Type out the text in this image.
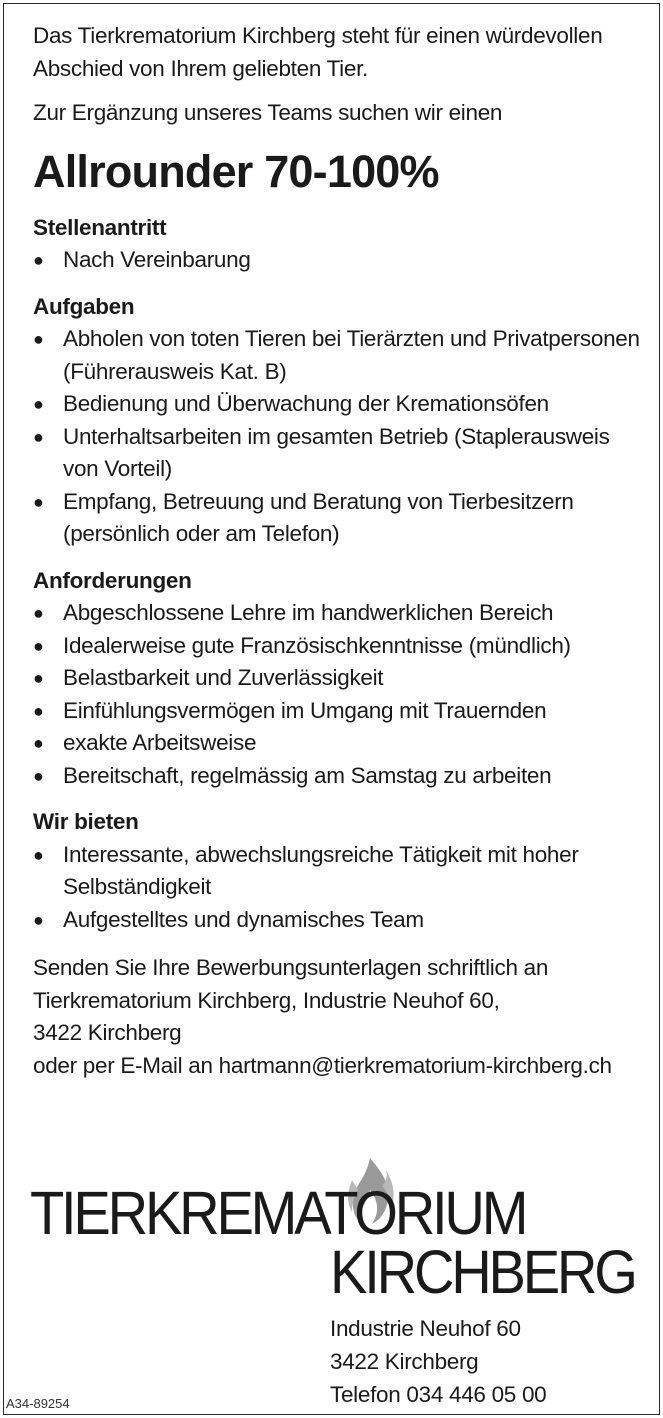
Das Tierkrematorium Kirchberg steht für einen würdevollen Abschied von Ihrem geliebten Tier.

Zur Ergänzung unseres Teams suchen wir einen

Allrounder 70-100%

Stellenantritt

● Nach Vereinbarung

Aufgaben

● Abholen von toten Tieren bei Tierärzten und Privatpersonen (Führerausweis Kat. B)
● Bedienung und Überwachung der Kremationsöfen
● Unterhaltsarbeiten im gesamten Betrieb (Staplerausweis von Vorteil)
● Empfang, Betreuung und Beratung von Tierbesitzern (persönlich oder am Telefon)

Anforderungen

● Abgeschlossene Lehre im handwerklichen Bereich
● Idealerweise gute Französischkenntnisse (mündlich)
● Belastbarkeit und Zuverlässigkeit
● Einfühlungsvermögen im Umgang mit Trauernden
● exakte Arbeitsweise
● Bereitschaft, regelmässig am Samstag zu arbeiten

Wir bieten

● Interessante, abwechslungsreiche Tätigkeit mit hoher Selbständigkeit
● Aufgestelltes und dynamisches Team

Senden Sie Ihre Bewerbungsunterlagen schriftlich an

Tierkrematorium Kirchberg, Industrie Neuhof 60,

3422 Kirchberg

oder per E-Mail an hartmann@tierkrematorium-kirchberg.ch

TIERKREMATORIUM
KIRCHBERG
Industrie Neuhof 60
3422 Kirchberg
Telefon 034 446 05 00
A34-89254
